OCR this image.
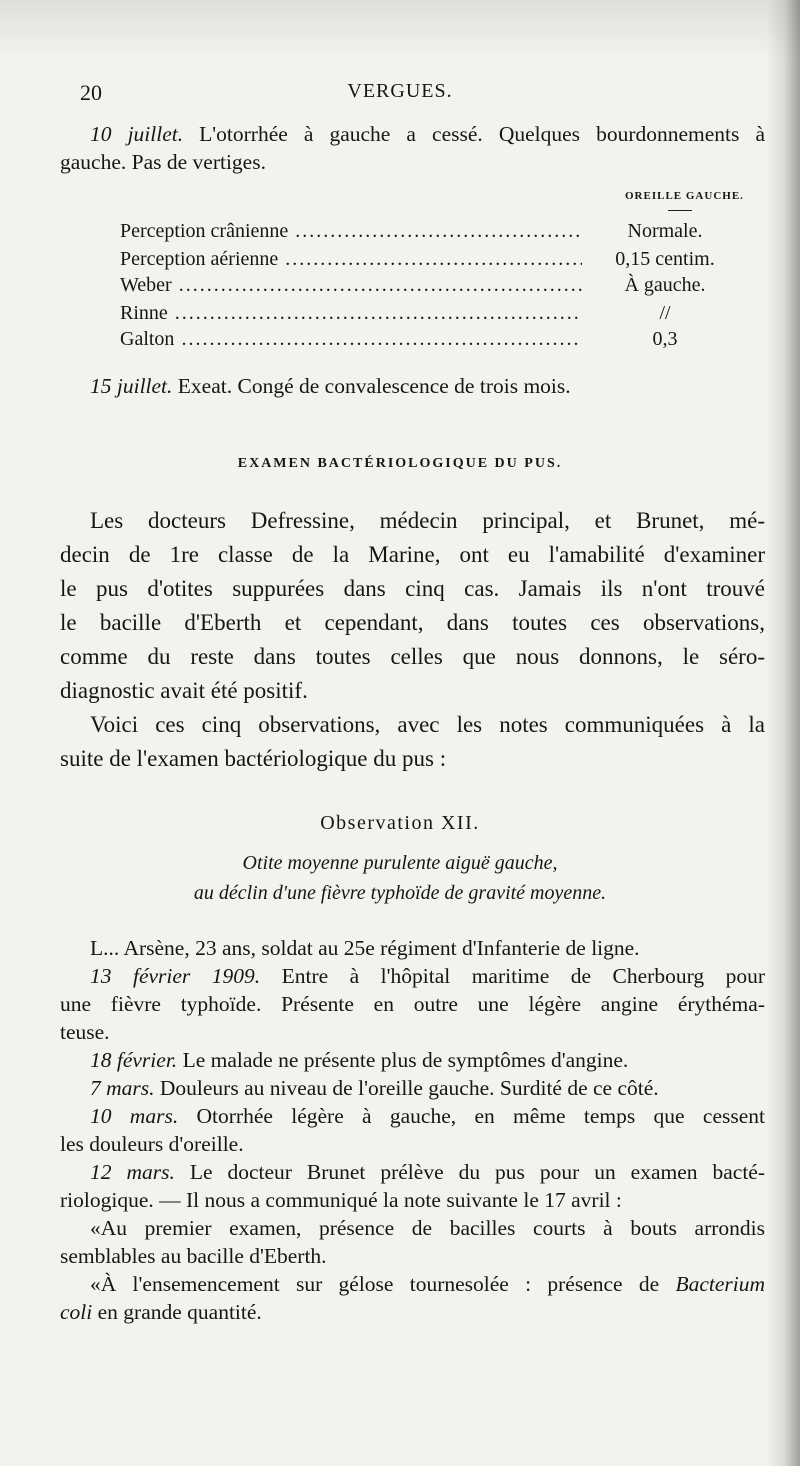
20	VERGUES.
10 juillet. L'otorrhée à gauche a cessé. Quelques bourdonnements à
gauche. Pas de vertiges.
OREILLE GAUCHE.
Perception crânienne .....	Normale.
Perception aérienne .....	0,15 centim.
Weber .....	À gauche.
Rinne .....	//
Galton .....	0,3
15 juillet. Exeat. Congé de convalescence de trois mois.
EXAMEN BACTÉRIOLOGIQUE DU PUS.
Les docteurs Defressine, médecin principal, et Brunet, mé-
decin de 1re classe de la Marine, ont eu l'amabilité d'examiner
le pus d'otites suppurées dans cinq cas. Jamais ils n'ont trouvé
le bacille d'Eberth et cependant, dans toutes ces observations,
comme du reste dans toutes celles que nous donnons, le séro-
diagnostic avait été positif.
Voici ces cinq observations, avec les notes communiquées à la
suite de l'examen bactériologique du pus :
Observation XII.
Otite moyenne purulente aiguë gauche,
au déclin d'une fièvre typhoïde de gravité moyenne.
L... Arsène, 23 ans, soldat au 25e régiment d'Infanterie de ligne.
13 février 1909. Entre à l'hôpital maritime de Cherbourg pour
une fièvre typhoïde. Présente en outre une légère angine érythéma-
teuse.
18 février. Le malade ne présente plus de symptômes d'angine.
7 mars. Douleurs au niveau de l'oreille gauche. Surdité de ce côté.
10 mars. Otorrhée légère à gauche, en même temps que cessent
les douleurs d'oreille.
12 mars. Le docteur Brunet prélève du pus pour un examen bacté-
riologique. — Il nous a communiqué la note suivante le 17 avril :
«Au premier examen, présence de bacilles courts à bouts arrondis
semblables au bacille d'Eberth.
«À l'ensemencement sur gélose tournesolée : présence de Bacterium
coli en grande quantité.
